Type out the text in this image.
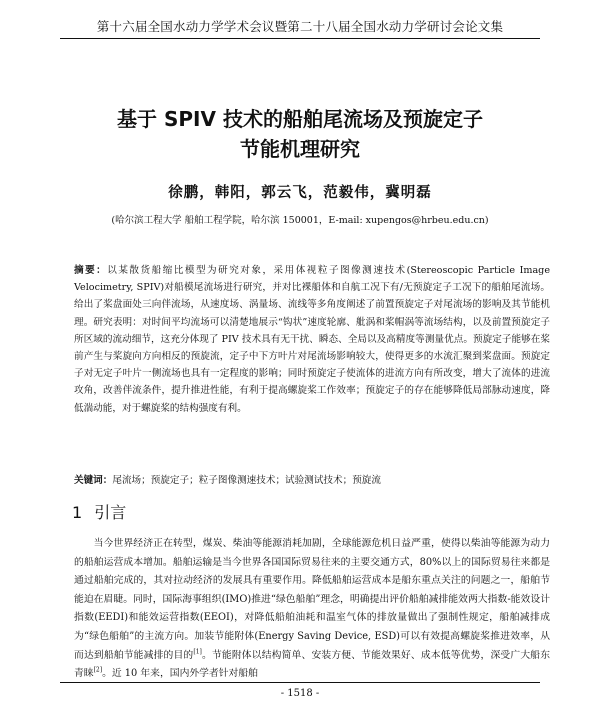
第十六届全国水动力学学术会议暨第二十八届全国水动力学研讨会论文集
基于 SPIV 技术的船舶尾流场及预旋定子
节能机理研究
徐鹏，韩阳，郭云飞，范毅伟，冀明磊
(哈尔滨工程大学 船舶工程学院，哈尔滨 150001，E-mail: xupengos@hrbeu.edu.cn)
摘要：以某散货船缩比模型为研究对象，采用体视粒子图像测速技术(Stereoscopic Particle Image Velocimetry, SPIV)对船模尾流场进行研究，并对比裸船体和自航工况下有/无预旋定子工况下的船舶尾流场。给出了桨盘面处三向伴流场，从速度场、涡量场、流线等多角度阐述了前置预旋定子对尾流场的影响及其节能机理。研究表明：对时间平均流场可以清楚地展示“钩状”速度轮廓、舭涡和桨帽涡等流场结构，以及前置预旋定子所区域的流动细节，这充分体现了 PIV 技术具有无干扰、瞬态、全局以及高精度等测量优点。预旋定子能够在桨前产生与桨旋向方向相反的预旋流，定子中下方叶片对尾流场影响较大，使得更多的水流汇聚到桨盘面。预旋定子对无定子叶片一侧流场也具有一定程度的影响；同时预旋定子使流体的进流方向有所改变，增大了流体的进流攻角，改善伴流条件，提升推进性能，有利于提高螺旋桨工作效率；预旋定子的存在能够降低局部脉动速度，降低湍动能，对于螺旋桨的结构强度有利。
关键词：尾流场；预旋定子；粒子图像测速技术；试验测试技术；预旋流
1 引言
当今世界经济正在转型，煤炭、柴油等能源消耗加剧，全球能源危机日益严重，使得以柴油等能源为动力的船舶运营成本增加。船舶运输是当今世界各国国际贸易往来的主要交通方式，80%以上的国际贸易往来都是通过船舶完成的，其对拉动经济的发展具有重要作用。降低船舶运营成本是船东重点关注的问题之一，船舶节能迫在眉睫。同时，国际海事组织(IMO)推进“绿色船舶”理念，明确提出评价船舶减排能效两大指数-能效设计指数(EEDI)和能效运营指数(EEOI)，对降低船舶油耗和温室气体的排放量做出了强制性规定，船舶减排成为“绿色船舶”的主流方向。加装节能附体(Energy Saving Device, ESD)可以有效提高螺旋桨推进效率，从而达到船舶节能减排的目的[1]。节能附体以结构简单、安装方便、节能效果好、成本低等优势，深受广大船东青睐[2]。近 10 年来，国内外学者针对船舶
- 1518 -
